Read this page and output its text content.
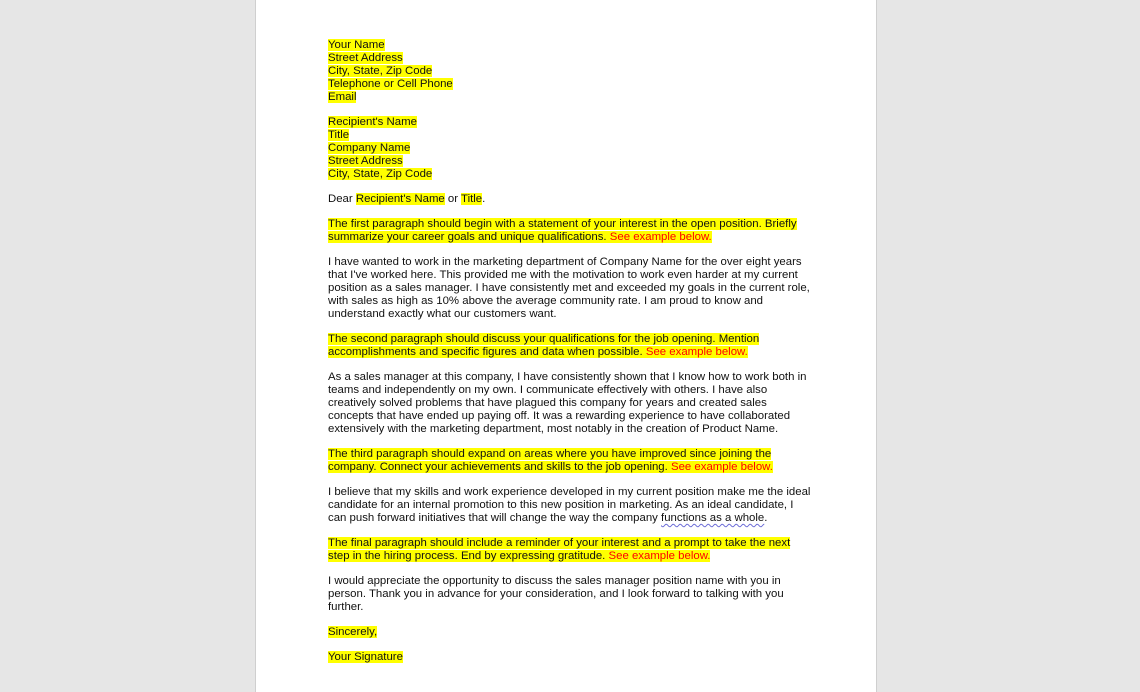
Your Name
Street Address
City, State, Zip Code
Telephone or Cell Phone
Email
Recipient's Name
Title
Company Name
Street Address
City, State, Zip Code
Dear Recipient's Name or Title.
The first paragraph should begin with a statement of your interest in the open position. Briefly
summarize your career goals and unique qualifications. See example below.
I have wanted to work in the marketing department of Company Name for the over eight years
that I've worked here. This provided me with the motivation to work even harder at my current
position as a sales manager. I have consistently met and exceeded my goals in the current role,
with sales as high as 10% above the average community rate. I am proud to know and
understand exactly what our customers want.
The second paragraph should discuss your qualifications for the job opening. Mention
accomplishments and specific figures and data when possible. See example below.
As a sales manager at this company, I have consistently shown that I know how to work both in
teams and independently on my own. I communicate effectively with others. I have also
creatively solved problems that have plagued this company for years and created sales
concepts that have ended up paying off. It was a rewarding experience to have collaborated
extensively with the marketing department, most notably in the creation of Product Name.
The third paragraph should expand on areas where you have improved since joining the
company. Connect your achievements and skills to the job opening. See example below.
I believe that my skills and work experience developed in my current position make me the ideal
candidate for an internal promotion to this new position in marketing. As an ideal candidate, I
can push forward initiatives that will change the way the company functions as a whole.
The final paragraph should include a reminder of your interest and a prompt to take the next
step in the hiring process. End by expressing gratitude. See example below.
I would appreciate the opportunity to discuss the sales manager position name with you in
person. Thank you in advance for your consideration, and I look forward to talking with you
further.
Sincerely,
Your Signature
